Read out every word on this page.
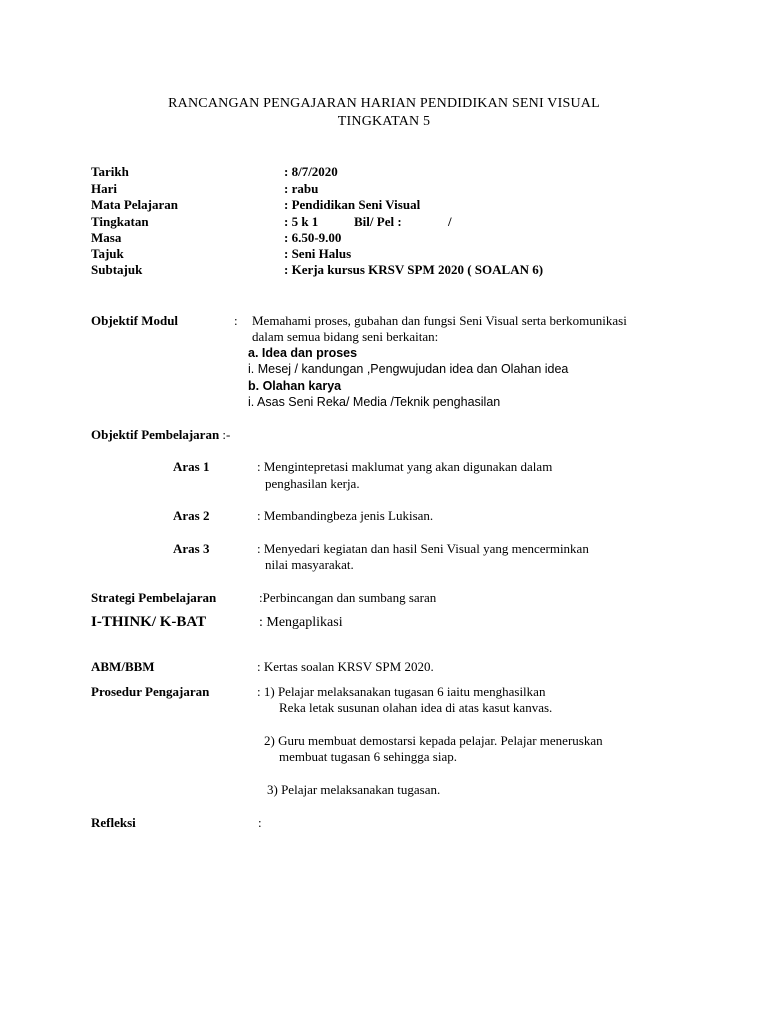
RANCANGAN PENGAJARAN HARIAN PENDIDIKAN SENI VISUAL
TINGKATAN 5
Tarikh	: 8/7/2020
Hari	: rabu
Mata Pelajaran	: Pendidikan Seni Visual
Tingkatan	: 5 k 1	Bil/ Pel :	/
Masa	: 6.50-9.00
Tajuk	: Seni Halus
Subtajuk	: Kerja kursus KRSV SPM 2020 ( SOALAN 6)
Objektif Modul	: Memahami proses, gubahan dan fungsi Seni Visual serta berkomunikasi
dalam semua bidang seni berkaitan:
a. Idea dan proses
i. Mesej / kandungan ,Pengwujudan idea dan Olahan idea
b. Olahan karya
i. Asas Seni Reka/ Media /Teknik penghasilan
Objektif Pembelajaran :-
Aras 1	: Mengintepretasi maklumat yang akan digunakan dalam
penghasilan kerja.
Aras 2	: Membandingbeza jenis Lukisan.
Aras 3	: Menyedari kegiatan dan hasil Seni Visual yang mencerminkan
nilai masyarakat.
Strategi Pembelajaran	:Perbincangan dan sumbang saran
I-THINK/ K-BAT	: Mengaplikasi
ABM/BBM	: Kertas soalan KRSV SPM 2020.
Prosedur Pengajaran	: 1) Pelajar melaksanakan tugasan 6 iaitu menghasilkan
Reka letak susunan olahan idea di atas kasut kanvas.
2) Guru membuat demostarsi kepada pelajar. Pelajar meneruskan
membuat tugasan 6 sehingga siap.
3) Pelajar melaksanakan tugasan.
Refleksi	:
